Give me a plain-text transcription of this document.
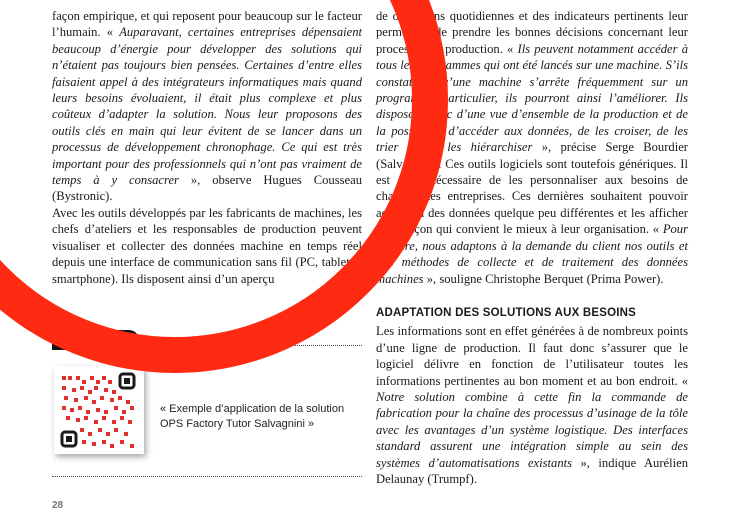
façon empirique, et qui reposent pour beaucoup sur le facteur l’humain. « Auparavant, certaines entreprises dépensaient beaucoup d’énergie pour développer des solutions qui n’étaient pas toujours bien pensées. Certaines d’entre elles faisaient appel à des intégrateurs informatiques mais quand leurs besoins évoluaient, il était plus complexe et plus coûteux d’adapter la solution. Nous leur proposons des outils clés en main qui leur évitent de se lancer dans un processus de développement chronophage. Ce qui est très important pour des professionnels qui n’ont pas vraiment de temps à y consacrer », observe Hugues Cousseau (Bystronic).

Avec les outils développés par les fabricants de machines, les chefs d’ateliers et les responsables de production peuvent visualiser et collecter des données machine en temps réel depuis une interface de communication sans fil (PC, tablette, smartphone). Ils disposent ainsi d’un aperçu

de opérations quotidiennes et des indicateurs pertinents leur permettant de prendre les bonnes décisions concernant leur processus de production. « Ils peuvent notamment accéder à tous les programmes qui ont été lancés sur une machine. S’ils constatent qu’une machine s’arrête fréquemment sur un programme particulier, ils pourront ainsi l’améliorer. Ils disposent donc d’une vue d’ensemble de la production et de la possibilité d’accéder aux données, de les croiser, de les trier et de les hiérarchiser », précise Serge Bourdier (Salvagnini). Ces outils logiciels sont toutefois génériques. Il est donc nécessaire de les personnaliser aux besoins de chacune des entreprises. Ces dernières souhaitent pouvoir accéder à des données quelque peu différentes et les afficher de la façon qui convient le mieux à leur organisation. « Pour ce faire, nous adaptons à la demande du client nos outils et nos méthodes de collecte et de traitement des données machines », souligne Christophe Berquet (Prima Power).

ADAPTATION DES SOLUTIONS AUX BESOINS

Les informations sont en effet générées à de nombreux points d’une ligne de production. Il faut donc s’assurer que le logiciel délivre en fonction de l’utilisateur toutes les informations pertinentes au bon moment et au bon endroit. « Notre solution combine à cette fin la commande de fabrication pour la chaîne des processus d’usinage de la tôle avec les avantages d’un système logistique. Des interfaces standard assurent une intégration simple au sein des systèmes d’automatisations existants », indique Aurélien Delaunay (Trumpf).

LIEN UTILE
« Exemple d’application de la solution OPS Factory Tutor Salvagnini »
28
